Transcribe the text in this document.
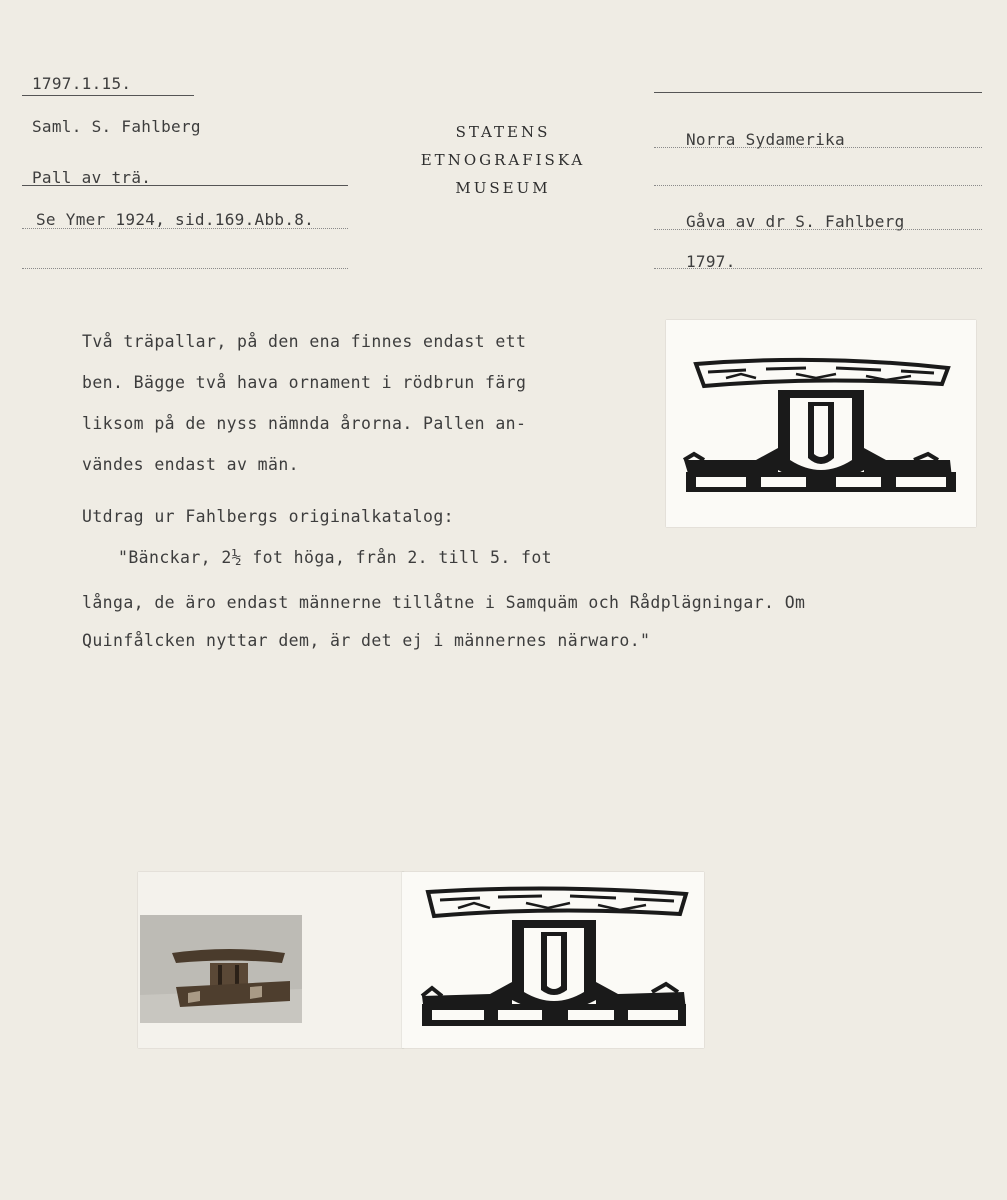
1797.1.15.
Saml. S. Fahlberg
Pall av trä.
Se Ymer 1924, sid.169.Abb.8.
STATENS
ETNOGRAFISKA
MUSEUM
Norra Sydamerika
Gåva av dr S. Fahlberg
1797.
Två träpallar, på den ena finnes endast ett
ben. Bägge två hava ornament i rödbrun färg
liksom på de nyss nämnda årorna. Pallen an-
vändes endast av män.
Utdrag ur Fahlbergs originalkatalog:
"Bänckar, 2½ fot höga, från 2. till 5. fot
långa, de äro endast männerne tillåtne i Samquäm och Rådplägningar. Om
Quinfålcken nyttar dem, är det ej i männernes närwaro."
